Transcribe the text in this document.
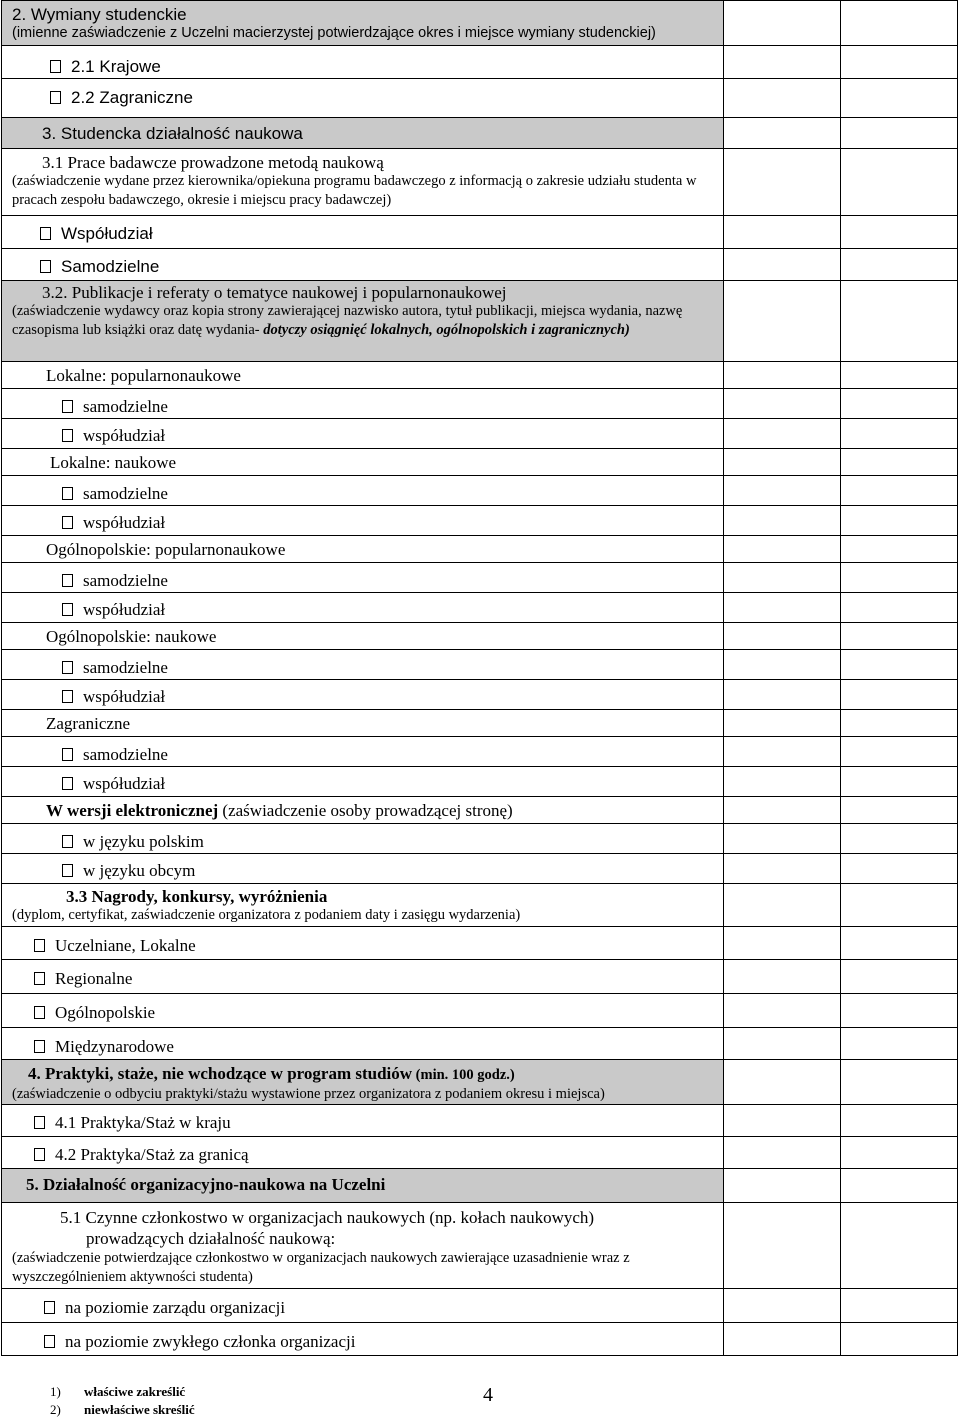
2. Wymiany studenckie
(imienne zaświadczenie z Uczelni macierzystej potwierdzające okres i miejsce wymiany studenckiej)		

2.1 Krajowe		

2.2 Zagraniczne		

3. Studencka działalność naukowa		

3.1 Prace badawcze prowadzone metodą naukową
(zaświadczenie wydane przez kierownika/opiekuna programu badawczego z informacją o zakresie udziału studenta w pracach zespołu badawczego, okresie i miejscu pracy badawczej)		

Współudział		

Samodzielne		

3.2. Publikacje i referaty o tematyce naukowej i popularnonaukowej
(zaświadczenie wydawcy oraz kopia strony zawierającej nazwisko autora, tytuł publikacji, miejsca wydania, nazwę czasopisma lub książki oraz datę wydania- dotyczy osiągnięć lokalnych, ogólnopolskich i zagranicznych)		

Lokalne: popularnonaukowe		

samodzielne		

współudział		

Lokalne: naukowe		

samodzielne		

współudział		

Ogólnopolskie: popularnonaukowe		

samodzielne		

współudział		

Ogólnopolskie: naukowe		

samodzielne		

współudział		

Zagraniczne		

samodzielne		

współudział		

W wersji elektronicznej (zaświadczenie osoby prowadzącej stronę)		

w języku polskim		

w języku obcym		

3.3 Nagrody, konkursy, wyróżnienia
(dyplom, certyfikat, zaświadczenie organizatora z podaniem daty i zasięgu wydarzenia)		

Uczelniane, Lokalne		

Regionalne		

Ogólnopolskie		

Międzynarodowe		

4. Praktyki, staże, nie wchodzące w program studiów (min. 100 godz.)
(zaświadczenie o odbyciu praktyki/stażu wystawione przez organizatora z podaniem okresu i miejsca)		

4.1 Praktyka/Staż w kraju		

4.2 Praktyka/Staż za granicą		

5. Działalność organizacyjno-naukowa na Uczelni		

5.1 Czynne członkostwo w organizacjach naukowych (np. kołach naukowych)
prowadzących działalność naukową:
(zaświadczenie potwierdzające członkostwo w organizacjach naukowych zawierające uzasadnienie wraz z wyszczególnieniem aktywności studenta)		

na poziomie zarządu organizacji		

na poziomie zwykłego członka organizacji		

1) właściwe zakreślić
2) niewłaściwe skreślić
4
